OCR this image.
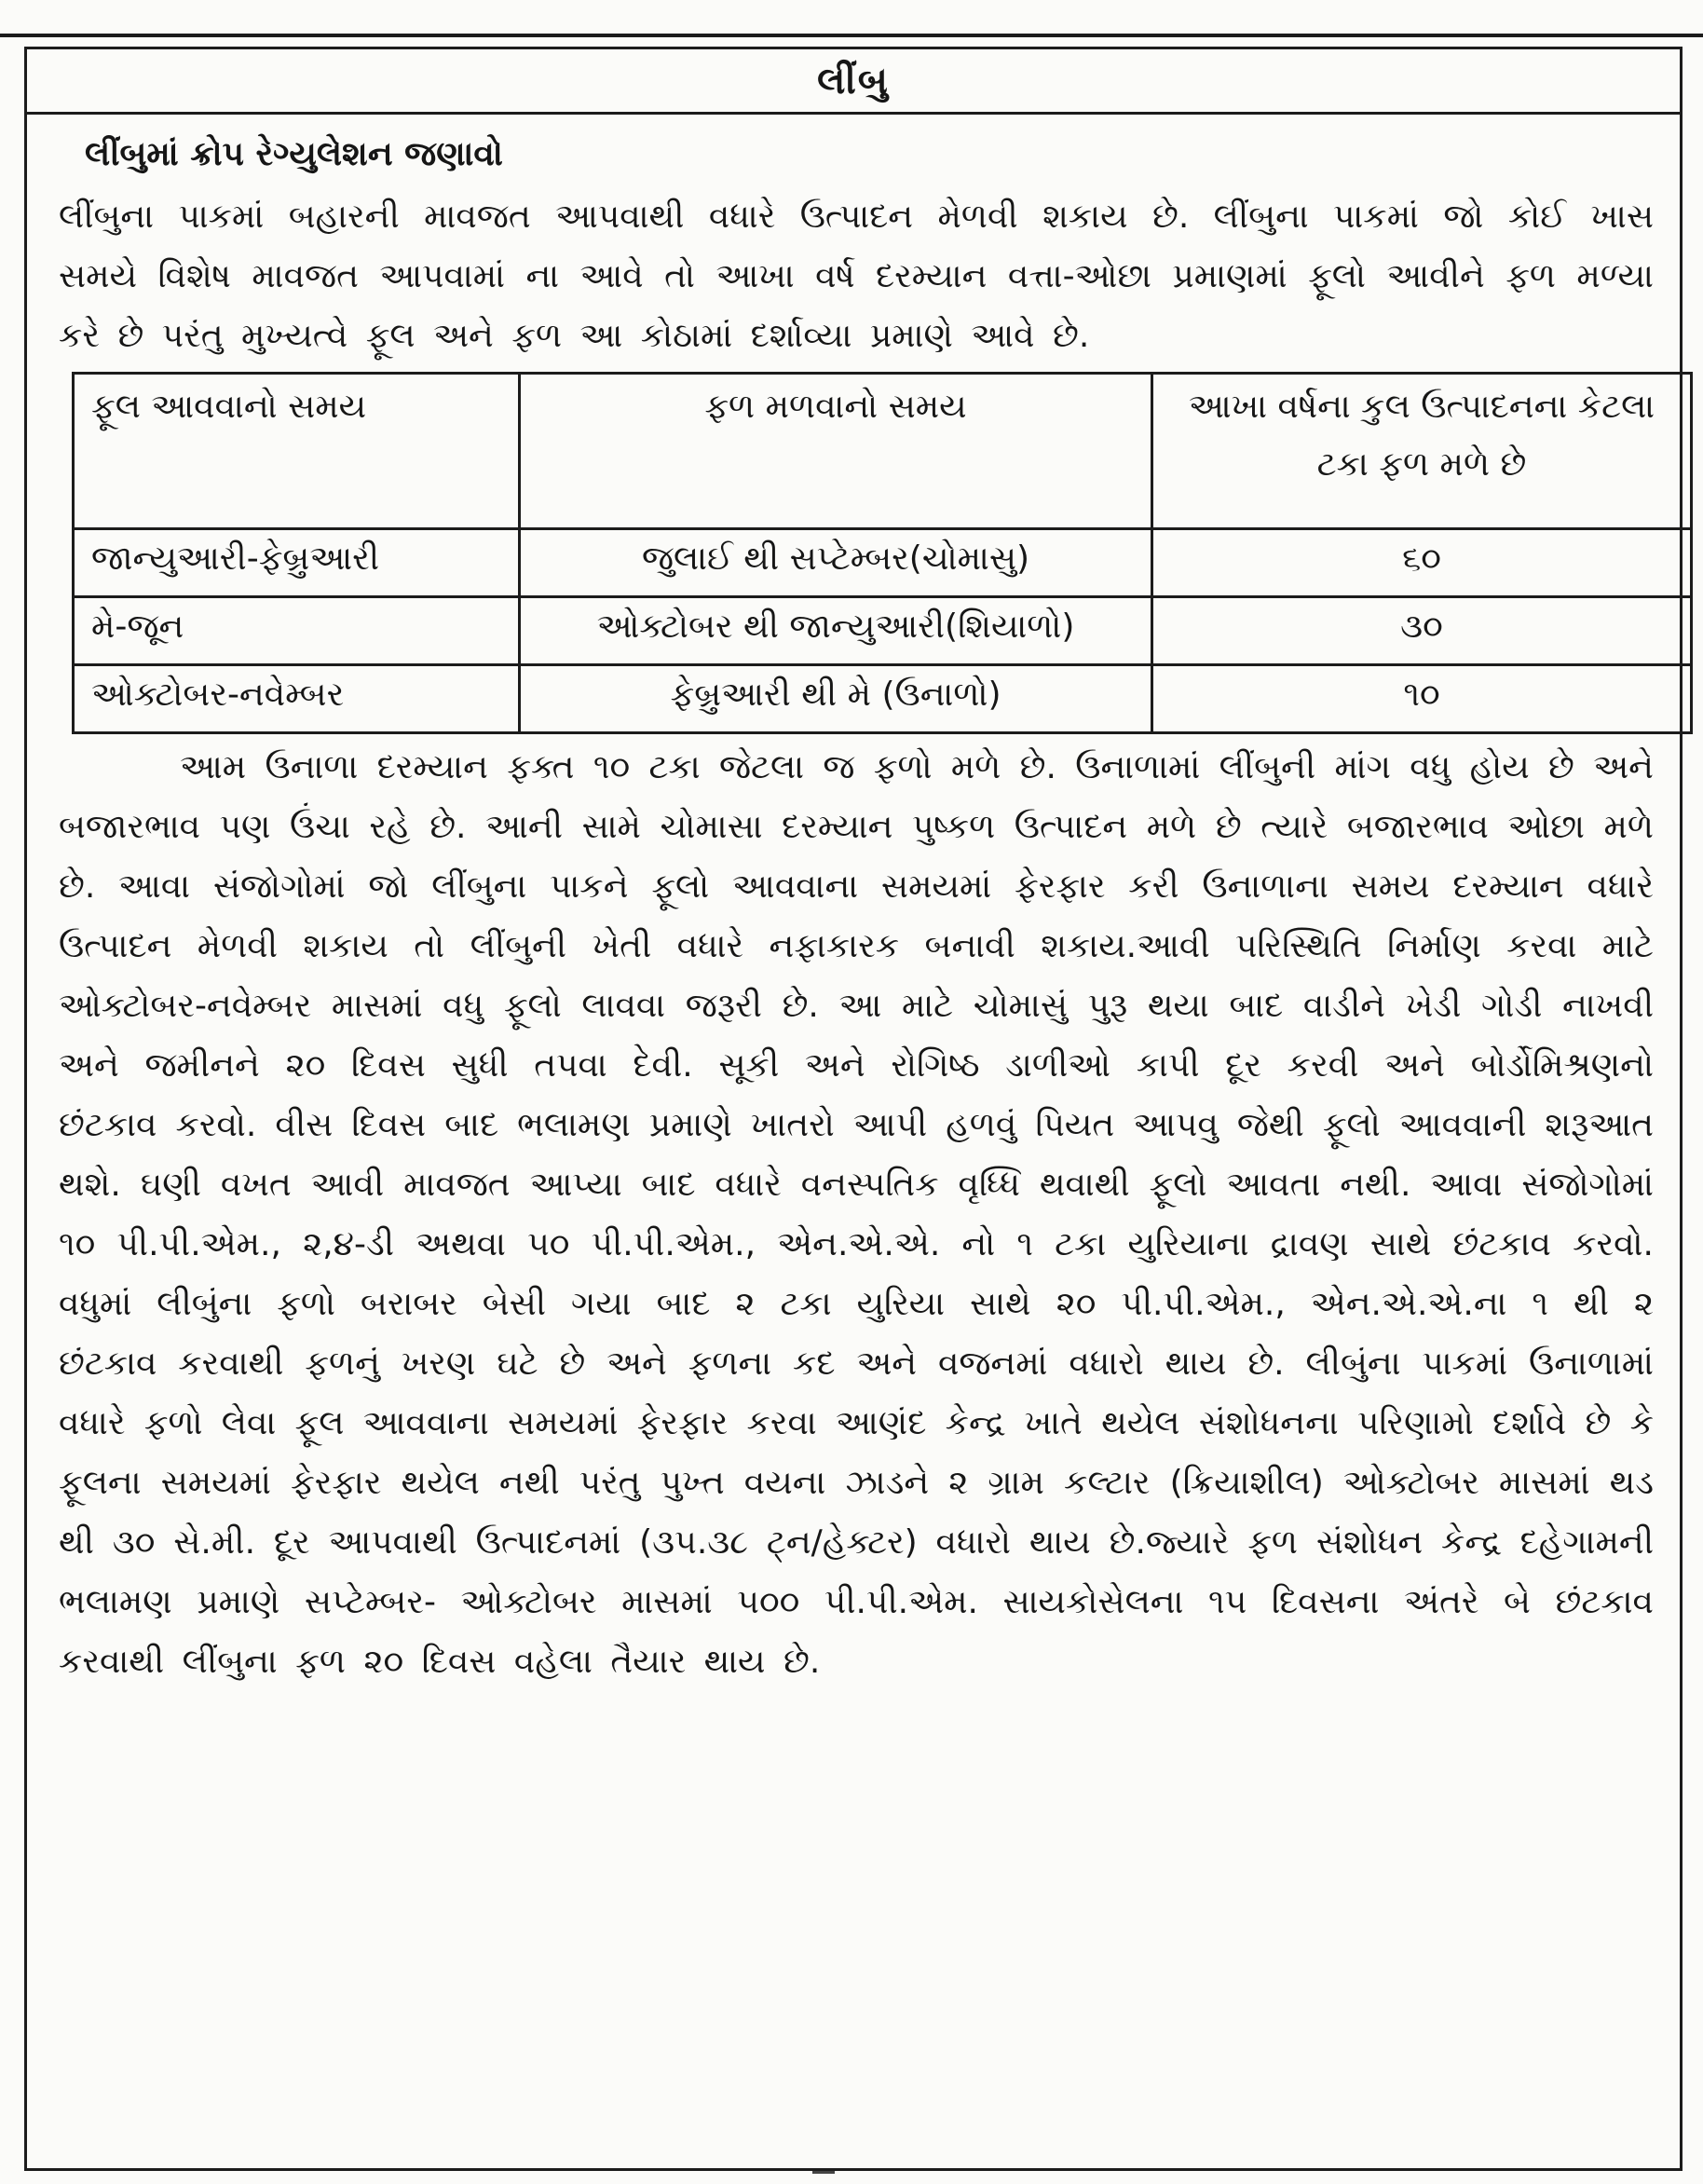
લીંબુ
લીંબુમાં ક્રોપ રેગ્યુલેશન જણાવો

લીંબુના પાકમાં બહારની માવજત આપવાથી વધારે ઉત્પાદન મેળવી શકાય છે. લીંબુના પાકમાં જો કોઈ ખાસ સમયે વિશેષ માવજત આપવામાં ના આવે તો આખા વર્ષ દરમ્યાન વત્તા-ઓછા પ્રમાણમાં ફૂલો આવીને ફળ મળ્યા કરે છે પરંતુ મુખ્યત્વે ફૂલ અને ફળ આ કોઠામાં દર્શાવ્યા પ્રમાણે આવે છે.

ફૂલ આવવાનો સમય	ફળ મળવાનો સમય	આખા વર્ષના કુલ ઉત્પાદનના કેટલા ટકા ફળ મળે છે
જાન્યુઆરી-ફેબ્રુઆરી	જુલાઈ થી સપ્ટેમ્બર(ચોમાસુ)	૬૦
મે-જૂન	ઓક્ટોબર થી જાન્યુઆરી(શિયાળો)	૩૦
ઓક્ટોબર-નવેમ્બર	ફેબ્રુઆરી થી મે (ઉનાળો)	૧૦

આમ ઉનાળા દરમ્યાન ફક્ત ૧૦ ટકા જેટલા જ ફળો મળે છે. ઉનાળામાં લીંબુની માંગ વધુ હોય છે અને બજારભાવ પણ ઉંચા રહે છે. આની સામે ચોમાસા દરમ્યાન પુષ્કળ ઉત્પાદન મળે છે ત્યારે બજારભાવ ઓછા મળે છે. આવા સંજોગોમાં જો લીંબુના પાકને ફૂલો આવવાના સમયમાં ફેરફાર કરી ઉનાળાના સમય દરમ્યાન વધારે ઉત્પાદન મેળવી શકાય તો લીંબુની ખેતી વધારે નફાકારક બનાવી શકાય.આવી પરિસ્થિતિ નિર્માણ કરવા માટે ઓક્ટોબર-નવેમ્બર માસમાં વધુ ફૂલો લાવવા જરૂરી છે. આ માટે ચોમાસું પુરૂ થયા બાદ વાડીને ખેડી ગોડી નાખવી અને જમીનને ૨૦ દિવસ સુધી તપવા દેવી. સૂકી અને રોગિષ્ઠ ડાળીઓ કાપી દૂર કરવી અને બોર્ડોમિશ્રણનો છંટકાવ કરવો. વીસ દિવસ બાદ ભલામણ પ્રમાણે ખાતરો આપી હળવું પિયત આપવુ જેથી ફૂલો આવવાની શરૂઆત થશે. ઘણી વખત આવી માવજત આપ્યા બાદ વધારે વનસ્પતિક વૃધ્ધિ થવાથી ફૂલો આવતા નથી. આવા સંજોગોમાં ૧૦ પી.પી.એમ., ૨,૪-ડી અથવા ૫૦ પી.પી.એમ., એન.એ.એ. નો ૧ ટકા યુરિયાના દ્રાવણ સાથે છંટકાવ કરવો. વધુમાં લીબુંના ફળો બરાબર બેસી ગયા બાદ ૨ ટકા યુરિયા સાથે ૨૦ પી.પી.એમ., એન.એ.એ.ના ૧ થી ૨ છંટકાવ કરવાથી ફળનું ખરણ ઘટે છે અને ફળના કદ અને વજનમાં વધારો થાય છે. લીબુંના પાકમાં ઉનાળામાં વધારે ફળો લેવા ફૂલ આવવાના સમયમાં ફેરફાર કરવા આણંદ કેન્દ્ર ખાતે થયેલ સંશોધનના પરિણામો દર્શાવે છે કે ફૂલના સમયમાં ફેરફાર થયેલ નથી પરંતુ પુખ્ત વયના ઝાડને ૨ ગ્રામ કલ્ટાર (ક્રિયાશીલ) ઓક્ટોબર માસમાં થડ થી ૩૦ સે.મી. દૂર આપવાથી ઉત્પાદનમાં (૩૫.૩૮ ટ્ન/હેક્ટર) વધારો થાય છે.જ્યારે ફળ સંશોધન કેન્દ્ર દહેગામની ભલામણ પ્રમાણે સપ્ટેમ્બર- ઓક્ટોબર માસમાં ૫૦૦ પી.પી.એમ. સાયકોસેલના ૧૫ દિવસના અંતરે બે છંટકાવ કરવાથી લીંબુના ફળ ૨૦ દિવસ વહેલા તૈયાર થાય છે.
